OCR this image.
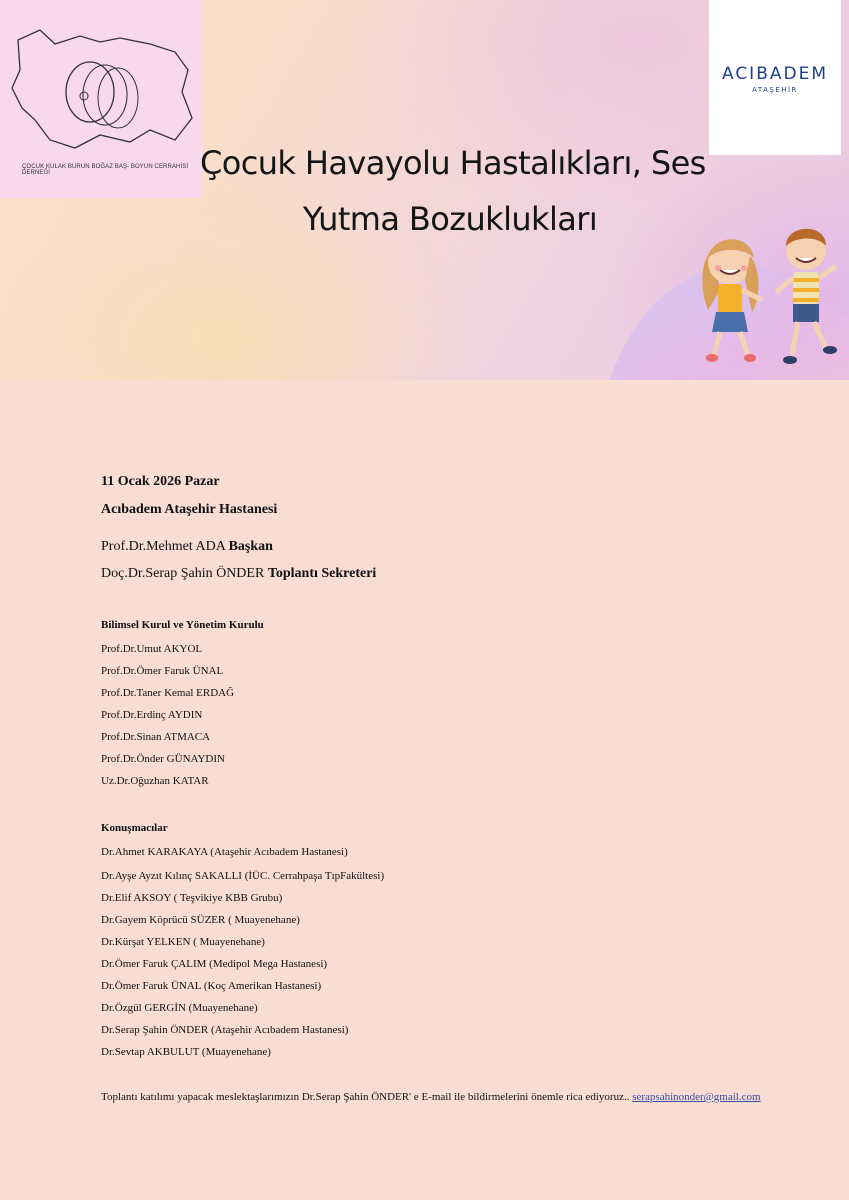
ÇOCUK KULAK BURUN BOĞAZ BAŞ- BOYUN CERRAHİSİ DERNEĞİ
ACIBADEM
ATAŞEHİR
Çocuk Havayolu Hastalıkları, Ses
Yutma Bozuklukları
11 Ocak 2026 Pazar
Acıbadem Ataşehir Hastanesi
Prof.Dr.Mehmet ADA Başkan
Doç.Dr.Serap Şahin ÖNDER Toplantı Sekreteri
Bilimsel Kurul ve Yönetim Kurulu
Prof.Dr.Umut AKYOL
Prof.Dr.Ömer Faruk ÜNAL
Prof.Dr.Taner Kemal ERDAĞ
Prof.Dr.Erdinç AYDIN
Prof.Dr.Sinan ATMACA
Prof.Dr.Önder GÜNAYDIN
Uz.Dr.Oğuzhan KATAR
Konuşmacılar
Dr.Ahmet KARAKAYA (Ataşehir Acıbadem Hastanesi)
Dr.Ayşe Ayzıt Kılınç SAKALLI (İÜC. Cerrahpaşa TıpFakültesi)
Dr.Elif AKSOY ( Teşvikiye KBB Grubu)
Dr.Gayem Köprücü SÜZER ( Muayenehane)
Dr.Kürşat YELKEN ( Muayenehane)
Dr.Ömer Faruk ÇALIM (Medipol Mega Hastanesi)
Dr.Ömer Faruk ÜNAL (Koç Amerikan Hastanesi)
Dr.Özgül GERGİN (Muayenehane)
Dr.Serap Şahin ÖNDER (Ataşehir Acıbadem Hastanesi)
Dr.Sevtap AKBULUT (Muayenehane)
Toplantı katılımı yapacak meslektaşlarımızın Dr.Serap Şahin ÖNDER' e E-mail ile bildirmelerini önemle rica ediyoruz.. serapsahinonder@gmail.com
